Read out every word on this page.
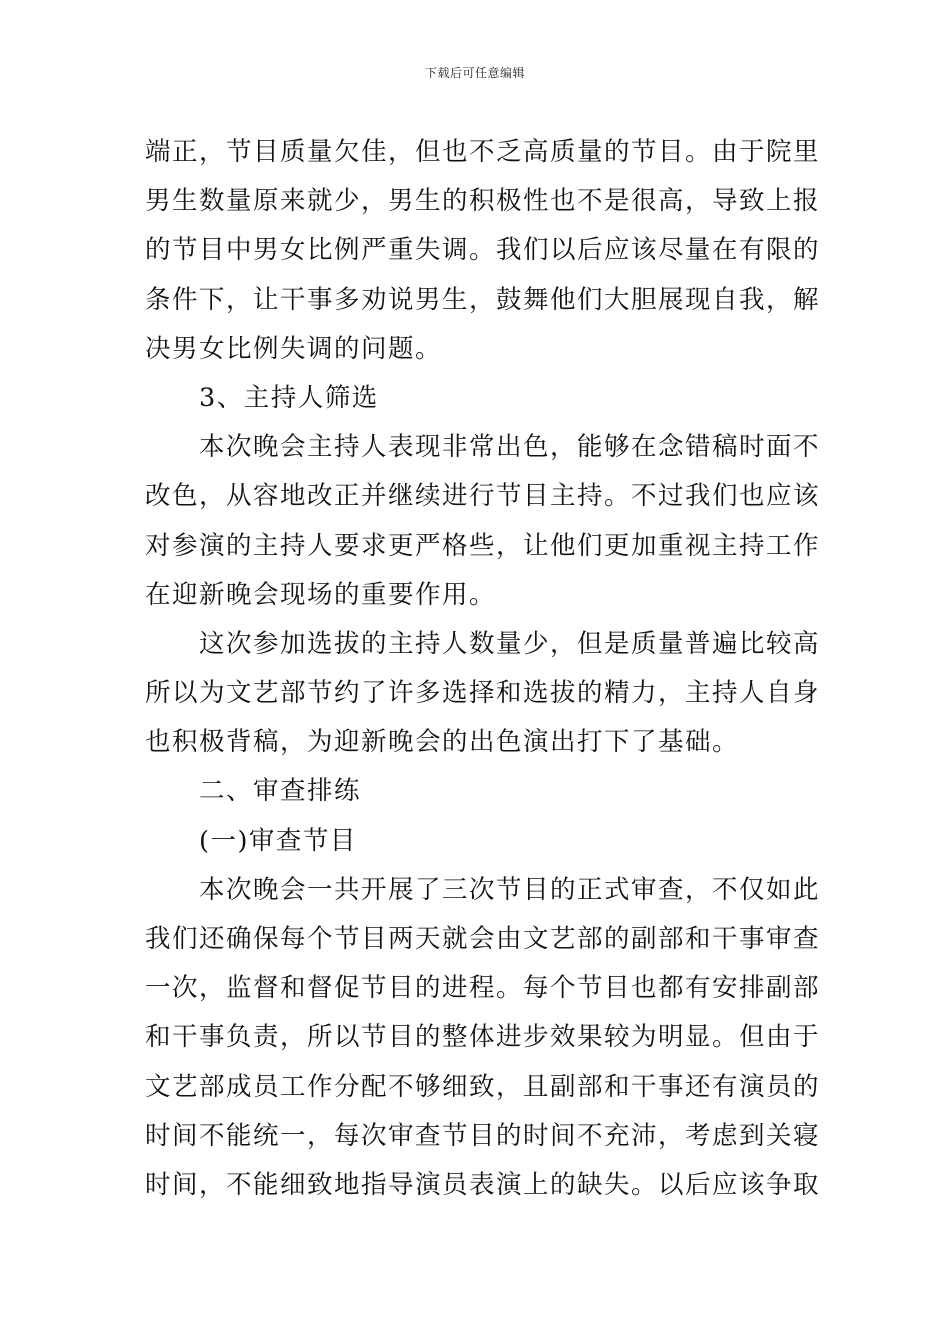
下载后可任意编辑
端正，节目质量欠佳，但也不乏高质量的节目。由于院里
男生数量原来就少，男生的积极性也不是很高，导致上报
的节目中男女比例严重失调。我们以后应该尽量在有限的
条件下，让干事多劝说男生，鼓舞他们大胆展现自我，解
决男女比例失调的问题。
3、主持人筛选
本次晚会主持人表现非常出色，能够在念错稿时面不
改色，从容地改正并继续进行节目主持。不过我们也应该
对参演的主持人要求更严格些，让他们更加重视主持工作
在迎新晚会现场的重要作用。
这次参加选拔的主持人数量少，但是质量普遍比较高
所以为文艺部节约了许多选择和选拔的精力，主持人自身
也积极背稿，为迎新晚会的出色演出打下了基础。
二、审查排练
(一)审查节目
本次晚会一共开展了三次节目的正式审查，不仅如此
我们还确保每个节目两天就会由文艺部的副部和干事审查
一次，监督和督促节目的进程。每个节目也都有安排副部
和干事负责，所以节目的整体进步效果较为明显。但由于
文艺部成员工作分配不够细致，且副部和干事还有演员的
时间不能统一，每次审查节目的时间不充沛，考虑到关寝
时间，不能细致地指导演员表演上的缺失。以后应该争取
